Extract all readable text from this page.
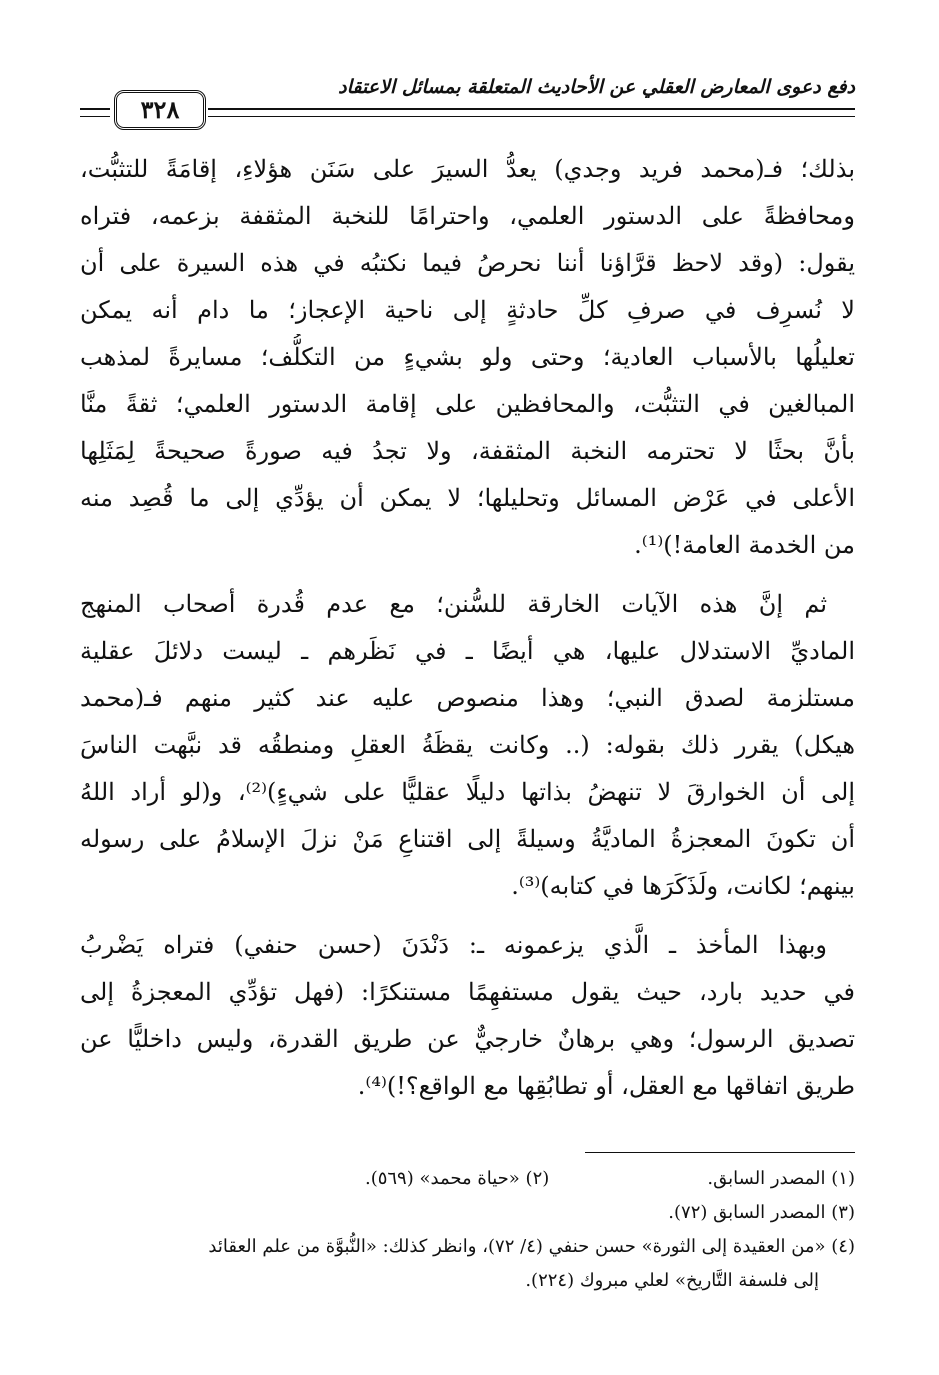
٣٢٨
دفع دعوى المعارض العقلي عن الأحاديث المتعلقة بمسائل الاعتقاد
بذلك؛ فـ(محمد فريد وجدي) يعدُّ السيرَ على سَنَن هؤلاءِ، إقامَةً للتثبُّت،
ومحافظةً على الدستور العلمي، واحترامًا للنخبة المثقفة بزعمه، فتراه
يقول: (وقد لاحظ قرَّاؤنا أننا نحرصُ فيما نكتبُه في هذه السيرة على أن
لا نُسرِف في صرفِ كلِّ حادثةٍ إلى ناحية الإعجاز؛ ما دام أنه يمكن
تعليلُها بالأسباب العادية؛ وحتى ولو بشيءٍ من التكلُّف؛ مسايرةً لمذهب
المبالغين في التثبُّت، والمحافظين على إقامة الدستور العلمي؛ ثقةً منَّا
بأنَّ بحثًا لا تحترمه النخبة المثقفة، ولا تجدُ فيه صورةً صحيحةً لِمَثَلِها
الأعلى في عَرْض المسائل وتحليلها؛ لا يمكن أن يؤدِّي إلى ما قُصِد منه
من الخدمة العامة!)⁽¹⁾.
ثم إنَّ هذه الآيات الخارقة للسُّنن؛ مع عدم قُدرة أصحاب المنهج
الماديِّ الاستدلال عليها، هي أيضًا ـ في نَظَرهم ـ ليست دلائلَ عقلية
مستلزمة لصدق النبي؛ وهذا منصوص عليه عند كثير منهم فـ(محمد
هيكل) يقرر ذلك بقوله: (.. وكانت يقظَةُ العقلِ ومنطقُه قد نبَّهت الناسَ
إلى أن الخوارقَ لا تنهضُ بذاتها دليلًا عقليًّا على شيءٍ)⁽²⁾، و(لو أراد اللهُ
أن تكونَ المعجزةُ الماديَّةُ وسيلةً إلى اقتناعِ مَنْ نزلَ الإسلامُ على رسوله
بينهم؛ لكانت، ولَذَكَرَها في كتابه)⁽³⁾.
وبهذا المأخذ ـ الَّذي يزعمونه ـ: دَنْدَنَ (حسن حنفي) فتراه يَضْربُ
في حديد بارد، حيث يقول مستفهِمًا مستنكرًا: (فهل تؤدِّي المعجزةُ إلى
تصديق الرسول؛ وهي برهانٌ خارجيٌّ عن طريق القدرة، وليس داخليًّا عن
طريق اتفاقها مع العقل، أو تطابُقِها مع الواقع؟!)⁽⁴⁾.
(١) المصدر السابق. (٢) «حياة محمد» (٥٦٩).
(٣) المصدر السابق (٧٢).
(٤) «من العقيدة إلى الثورة» حسن حنفي (٤/ ٧٢)، وانظر كذلك: «النُّبوَّة من علم العقائد
إلى فلسفة التَّاريخ» لعلي مبروك (٢٢٤).
